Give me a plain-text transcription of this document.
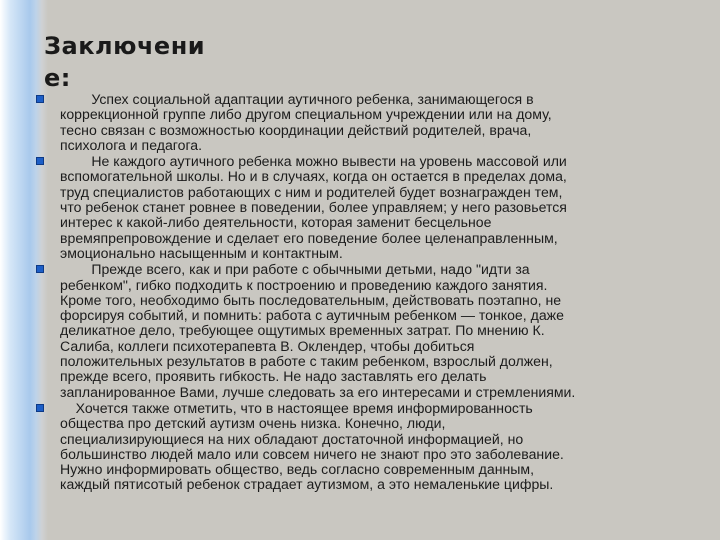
Заключени
е:

Успех социальной адаптации аутичного ребенка, занимающегося в
коррекционной группе либо другом специальном учреждении или на дому,
тесно связан с возможностью координации действий родителей, врача,
психолога и педагога.

Не каждого аутичного ребенка можно вывести на уровень массовой или
вспомогательной школы. Но и в случаях, когда он остается в пределах дома,
труд специалистов работающих с ним и родителей будет вознагражден тем,
что ребенок станет ровнее в поведении, более управляем; у него разовьется
интерес к какой-либо деятельности, которая заменит бесцельное
времяпрепровождение и сделает его поведение более целенаправленным,
эмоционально насыщенным и контактным.

Прежде всего, как и при работе с обычными детьми, надо "идти за
ребенком", гибко подходить к построению и проведению каждого занятия.
Кроме того, необходимо быть последовательным, действовать поэтапно, не
форсируя событий, и помнить: работа с аутичным ребенком — тонкое, даже
деликатное дело, требующее ощутимых временных затрат. По мнению К.
Салиба, коллеги психотерапевта В. Оклендер, чтобы добиться
положительных результатов в работе с таким ребенком, взрослый должен,
прежде всего, проявить гибкость. Не надо заставлять его делать
запланированное Вами, лучше следовать за его интересами и стремлениями.

Хочется также отметить, что в настоящее время информированность
общества про детский аутизм очень низка. Конечно, люди,
специализирующиеся на них обладают достаточной информацией, но
большинство людей мало или совсем ничего не знают про это заболевание.
Нужно информировать общество, ведь согласно современным данным,
каждый пятисотый ребенок страдает аутизмом, а это немаленькие цифры.
